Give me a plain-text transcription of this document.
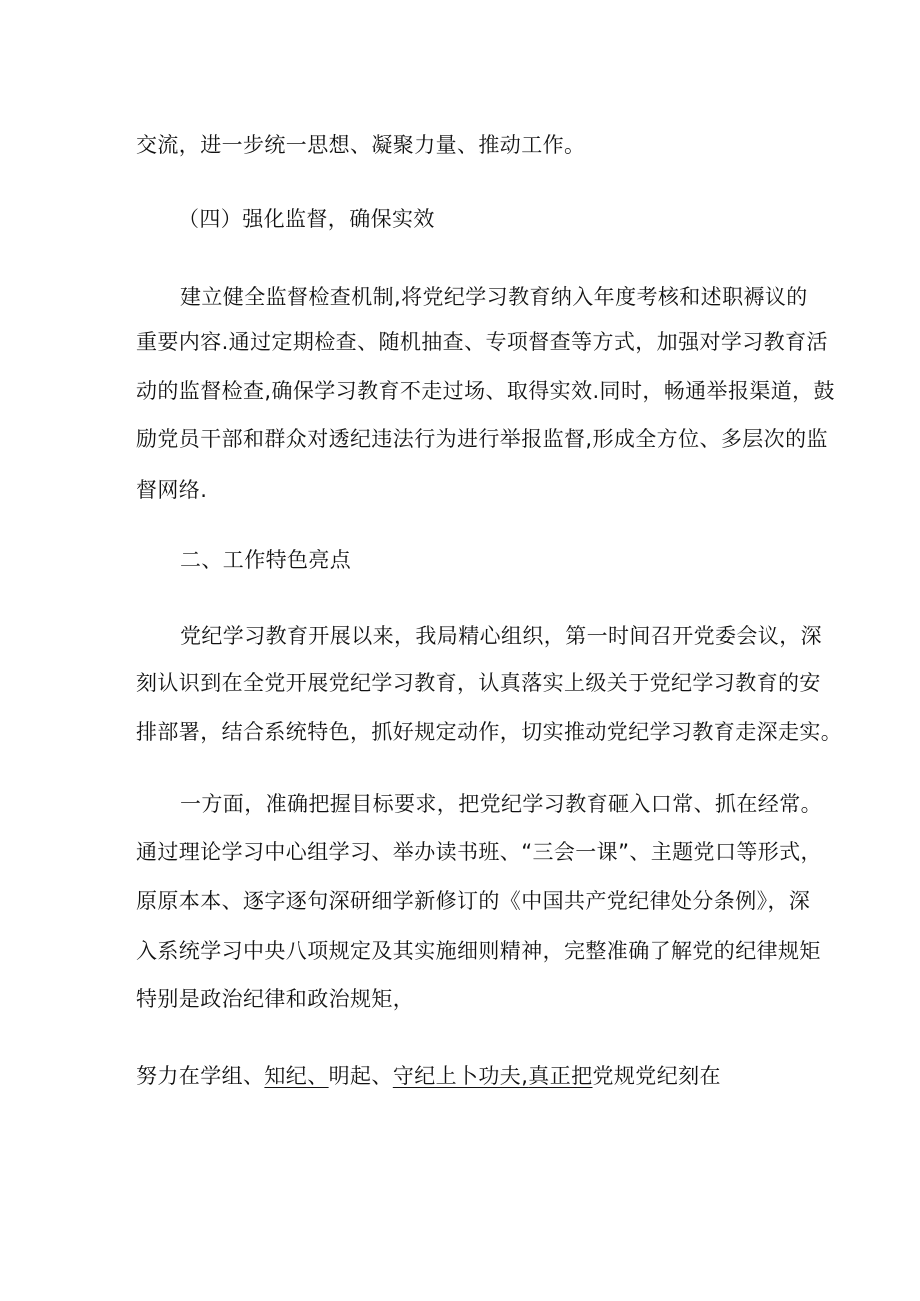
交流，进一步统一思想、凝聚力量、推动工作。
（四）强化监督，确保实效
建立健全监督检查机制,将党纪学习教育纳入年度考核和述职褥议的
重要内容.通过定期检查、随机抽查、专项督查等方式，加强对学习教育活
动的监督检查,确保学习教育不走过场、取得实效.同时，畅通举报渠道，鼓
励党员干部和群众对透纪违法行为进行举报监督,形成全方位、多层次的监
督网络.
二、工作特色亮点
党纪学习教育开展以来，我局精心组织，第一时间召开党委会议，深
刻认识到在全党开展党纪学习教育，认真落实上级关于党纪学习教育的安
排部署，结合系统特色，抓好规定动作，切实推动党纪学习教育走深走实。
一方面，准确把握目标要求，把党纪学习教育砸入口常、抓在经常。
通过理论学习中心组学习、举办读书班、“三会一课”、主题党口等形式，
原原本本、逐字逐句深研细学新修订的《中国共产党纪律处分条例》，深
入系统学习中央八项规定及其实施细则精神，完整准确了解党的纪律规矩
特别是政治纪律和政治规矩，
努力在学组、知纪、明起、守纪上卜功夫,真正把党规党纪刻在
